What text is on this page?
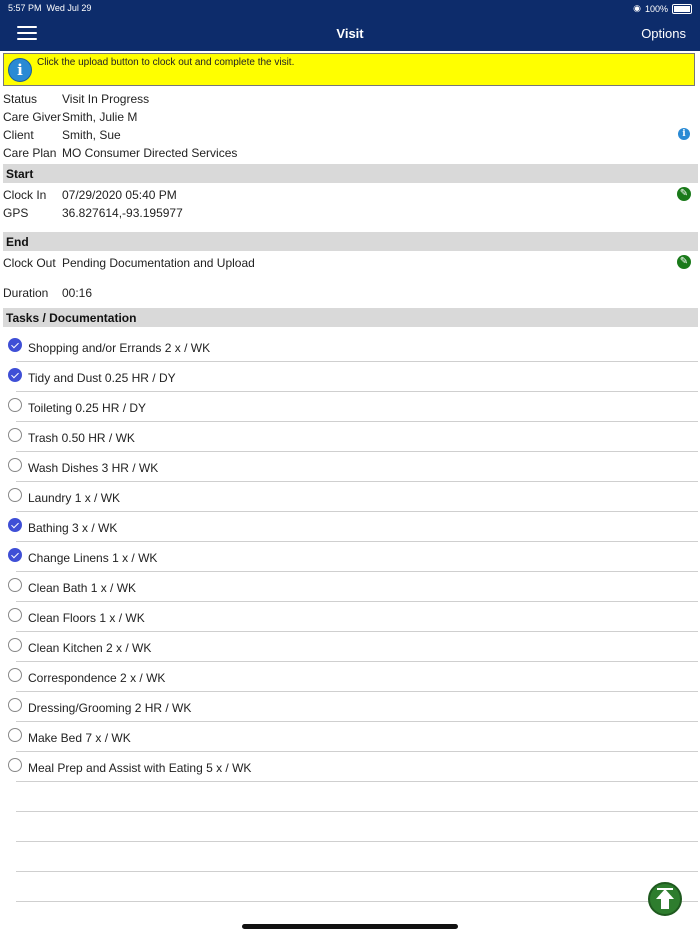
5:57 PM Wed Jul 29	◉ 100%
Visit	Options
i	Click the upload button to clock out and complete the visit.
Status Visit In Progress
Care Giver Smith, Julie M
Client Smith, Sue	i
Care Plan MO Consumer Directed Services
Start
Clock In 07/29/2020 05:40 PM	✎
GPS	36.827614,-93.195977
End
Clock Out Pending Documentation and Upload	✎
Duration 00:16
Tasks / Documentation
Shopping and/or Errands 2 x / WK
Tidy and Dust 0.25 HR / DY
Toileting 0.25 HR / DY
Trash 0.50 HR / WK
Wash Dishes 3 HR / WK
Laundry 1 x / WK
Bathing 3 x / WK
Change Linens 1 x / WK
Clean Bath 1 x / WK
Clean Floors 1 x / WK
Clean Kitchen 2 x / WK
Correspondence 2 x / WK
Dressing/Grooming 2 HR / WK
Make Bed 7 x / WK
Meal Prep and Assist with Eating 5 x / WK
